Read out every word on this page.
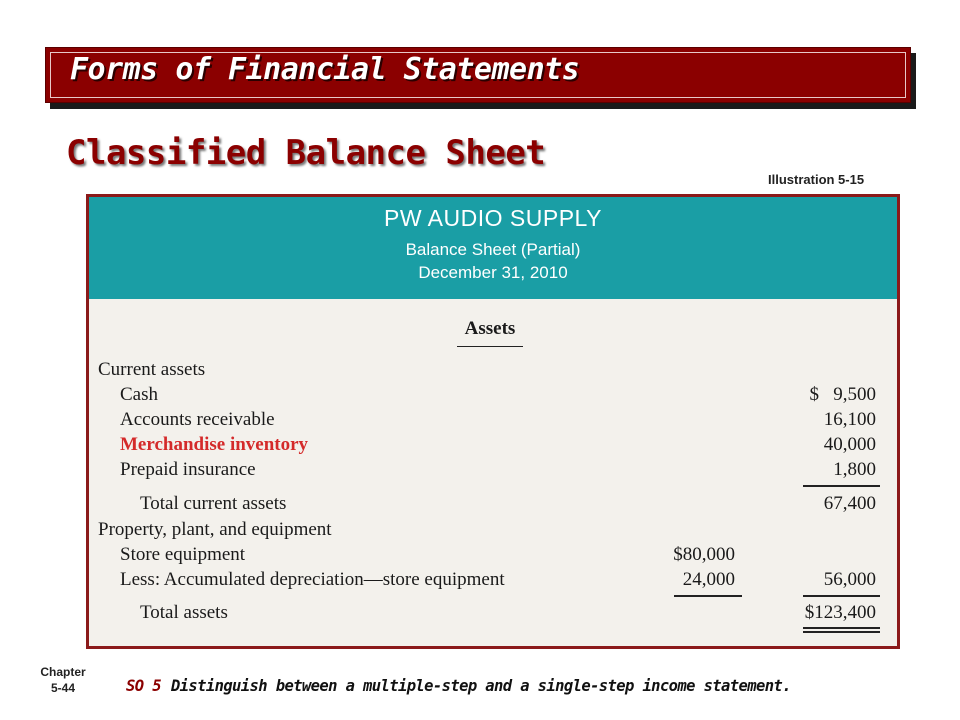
Forms of Financial Statements
Classified Balance Sheet
Illustration 5-15
PW AUDIO SUPPLY
Balance Sheet (Partial)
December 31, 2010
Assets
Current assets
Cash	$   9,500
Accounts receivable	16,100
Merchandise inventory	40,000
Prepaid insurance	1,800
Total current assets	67,400
Property, plant, and equipment
Store equipment	$80,000
Less: Accumulated depreciation—store equipment	24,000	56,000
Total assets	$123,400
Chapter
5-44	SO 5 Distinguish between a multiple-step and a single-step income statement.
